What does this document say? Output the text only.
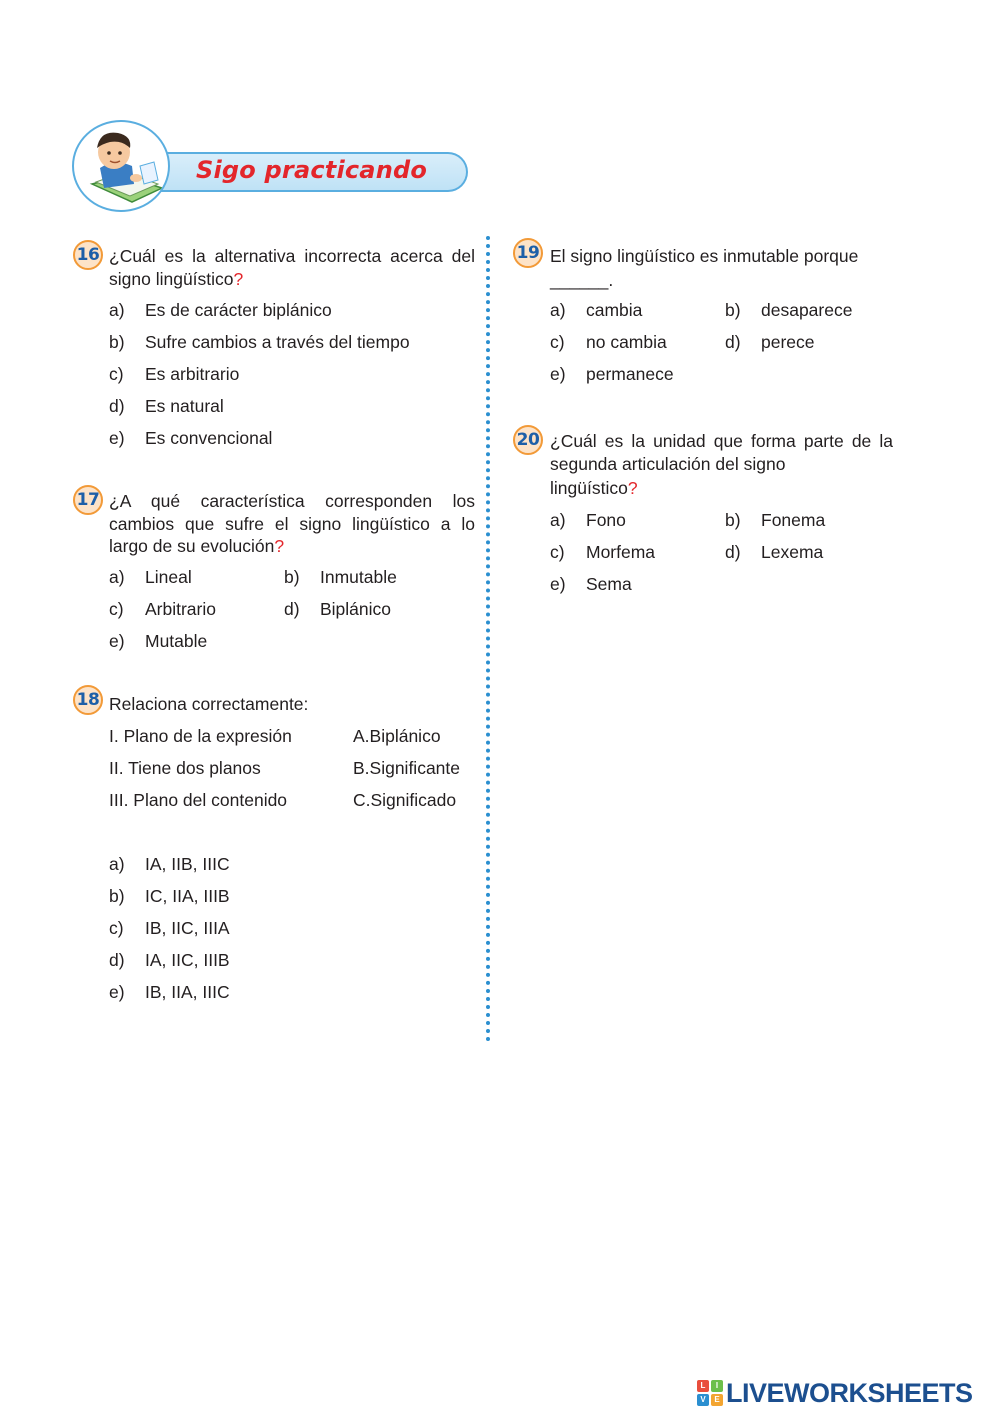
Sigo practicando
16 ¿Cuál es la alternativa incorrecta acerca del signo lingüístico?
a) Es de carácter biplánico
b) Sufre cambios a través del tiempo
c) Es arbitrario
d) Es natural
e) Es convencional
17 ¿A qué característica corresponden los cambios que sufre el signo lingüístico a lo largo de su evolución?
a) Lineal	b) Inmutable
c) Arbitrario	d) Biplánico
e) Mutable
18 Relaciona correctamente:
I. Plano de la expresión	A.Biplánico
II. Tiene dos planos	B.Significante
III. Plano del contenido	C.Significado
a) IA, IIB, IIIC
b) IC, IIA, IIIB
c) IB, IIC, IIIA
d) IA, IIC, IIIB
e) IB, IIA, IIIC
19 El signo lingüístico es inmutable porque
______.
a) cambia	b) desaparece
c) no cambia	d) perece
e) permanece
20 ¿Cuál es la unidad que forma parte de la
segunda articulación del signo
lingüístico?
a) Fono	b) Fonema
c) Morfema	d) Lexema
e) Sema
L	I
V	E LIVEWORKSHEETS
